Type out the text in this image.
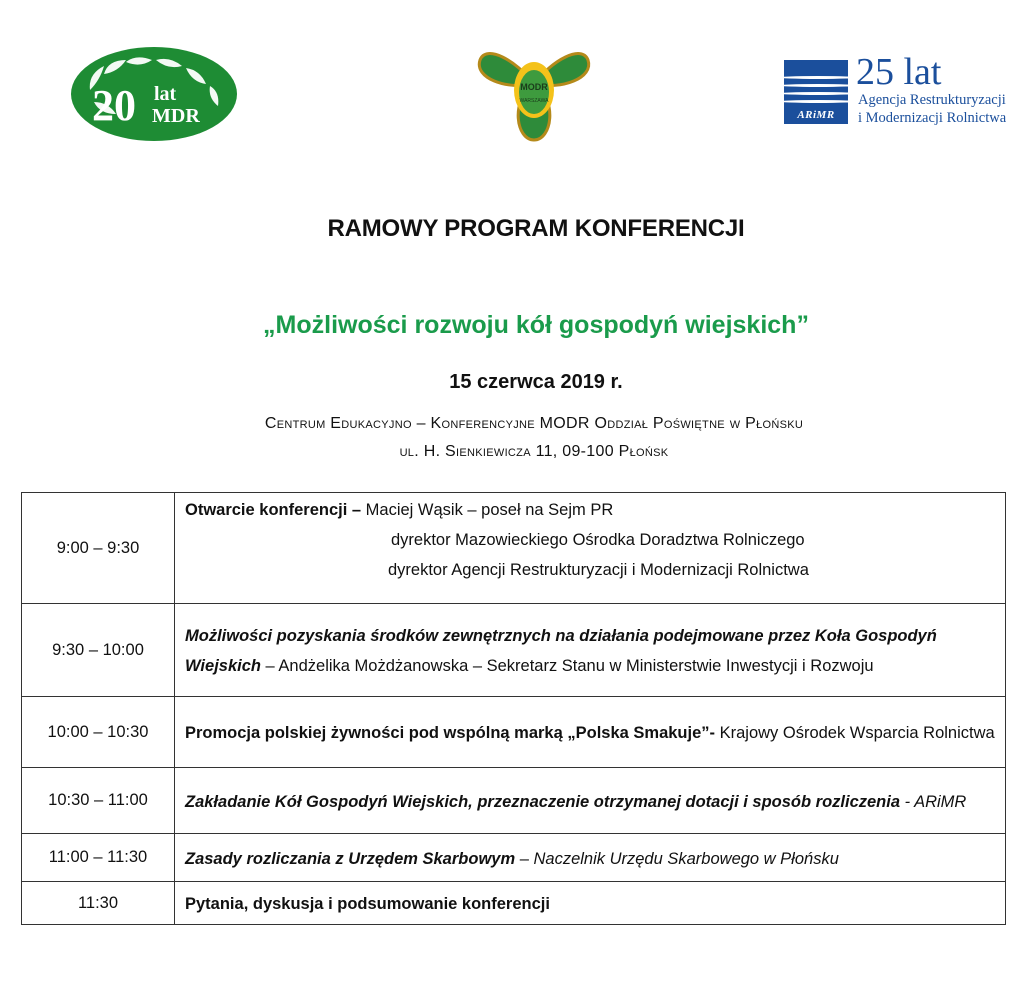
20 lat
MDR
MODR
WARSZAWA
ARiMR
25 lat
Agencja Restrukturyzacji
i Modernizacji Rolnictwa
RAMOWY PROGRAM KONFERENCJI
„Możliwości rozwoju kół gospodyń wiejskich”
15 czerwca 2019 r.
Centrum Edukacyjno – Konferencyjne MODR Oddział Poświętne w Płońsku
ul. H. Sienkiewicza 11, 09-100 Płońsk
9:00 – 9:30	Otwarcie konferencji – Maciej Wąsik – poseł na Sejm PR
dyrektor Mazowieckiego Ośrodka Doradztwa Rolniczego
dyrektor Agencji Restrukturyzacji i Modernizacji Rolnictwa

9:30 – 10:00	Możliwości pozyskania środków zewnętrznych na działania podejmowane przez Koła Gospodyń Wiejskich – Andżelika Możdżanowska – Sekretarz Stanu w Ministerstwie Inwestycji i Rozwoju
10:00 – 10:30	Promocja polskiej żywności pod wspólną marką „Polska Smakuje”- Krajowy Ośrodek Wsparcia Rolnictwa
10:30 – 11:00	Zakładanie Kół Gospodyń Wiejskich, przeznaczenie otrzymanej dotacji i sposób rozliczenia - ARiMR
11:00 – 11:30	Zasady rozliczania z Urzędem Skarbowym – Naczelnik Urzędu Skarbowego w Płońsku
11:30	Pytania, dyskusja i podsumowanie konferencji
